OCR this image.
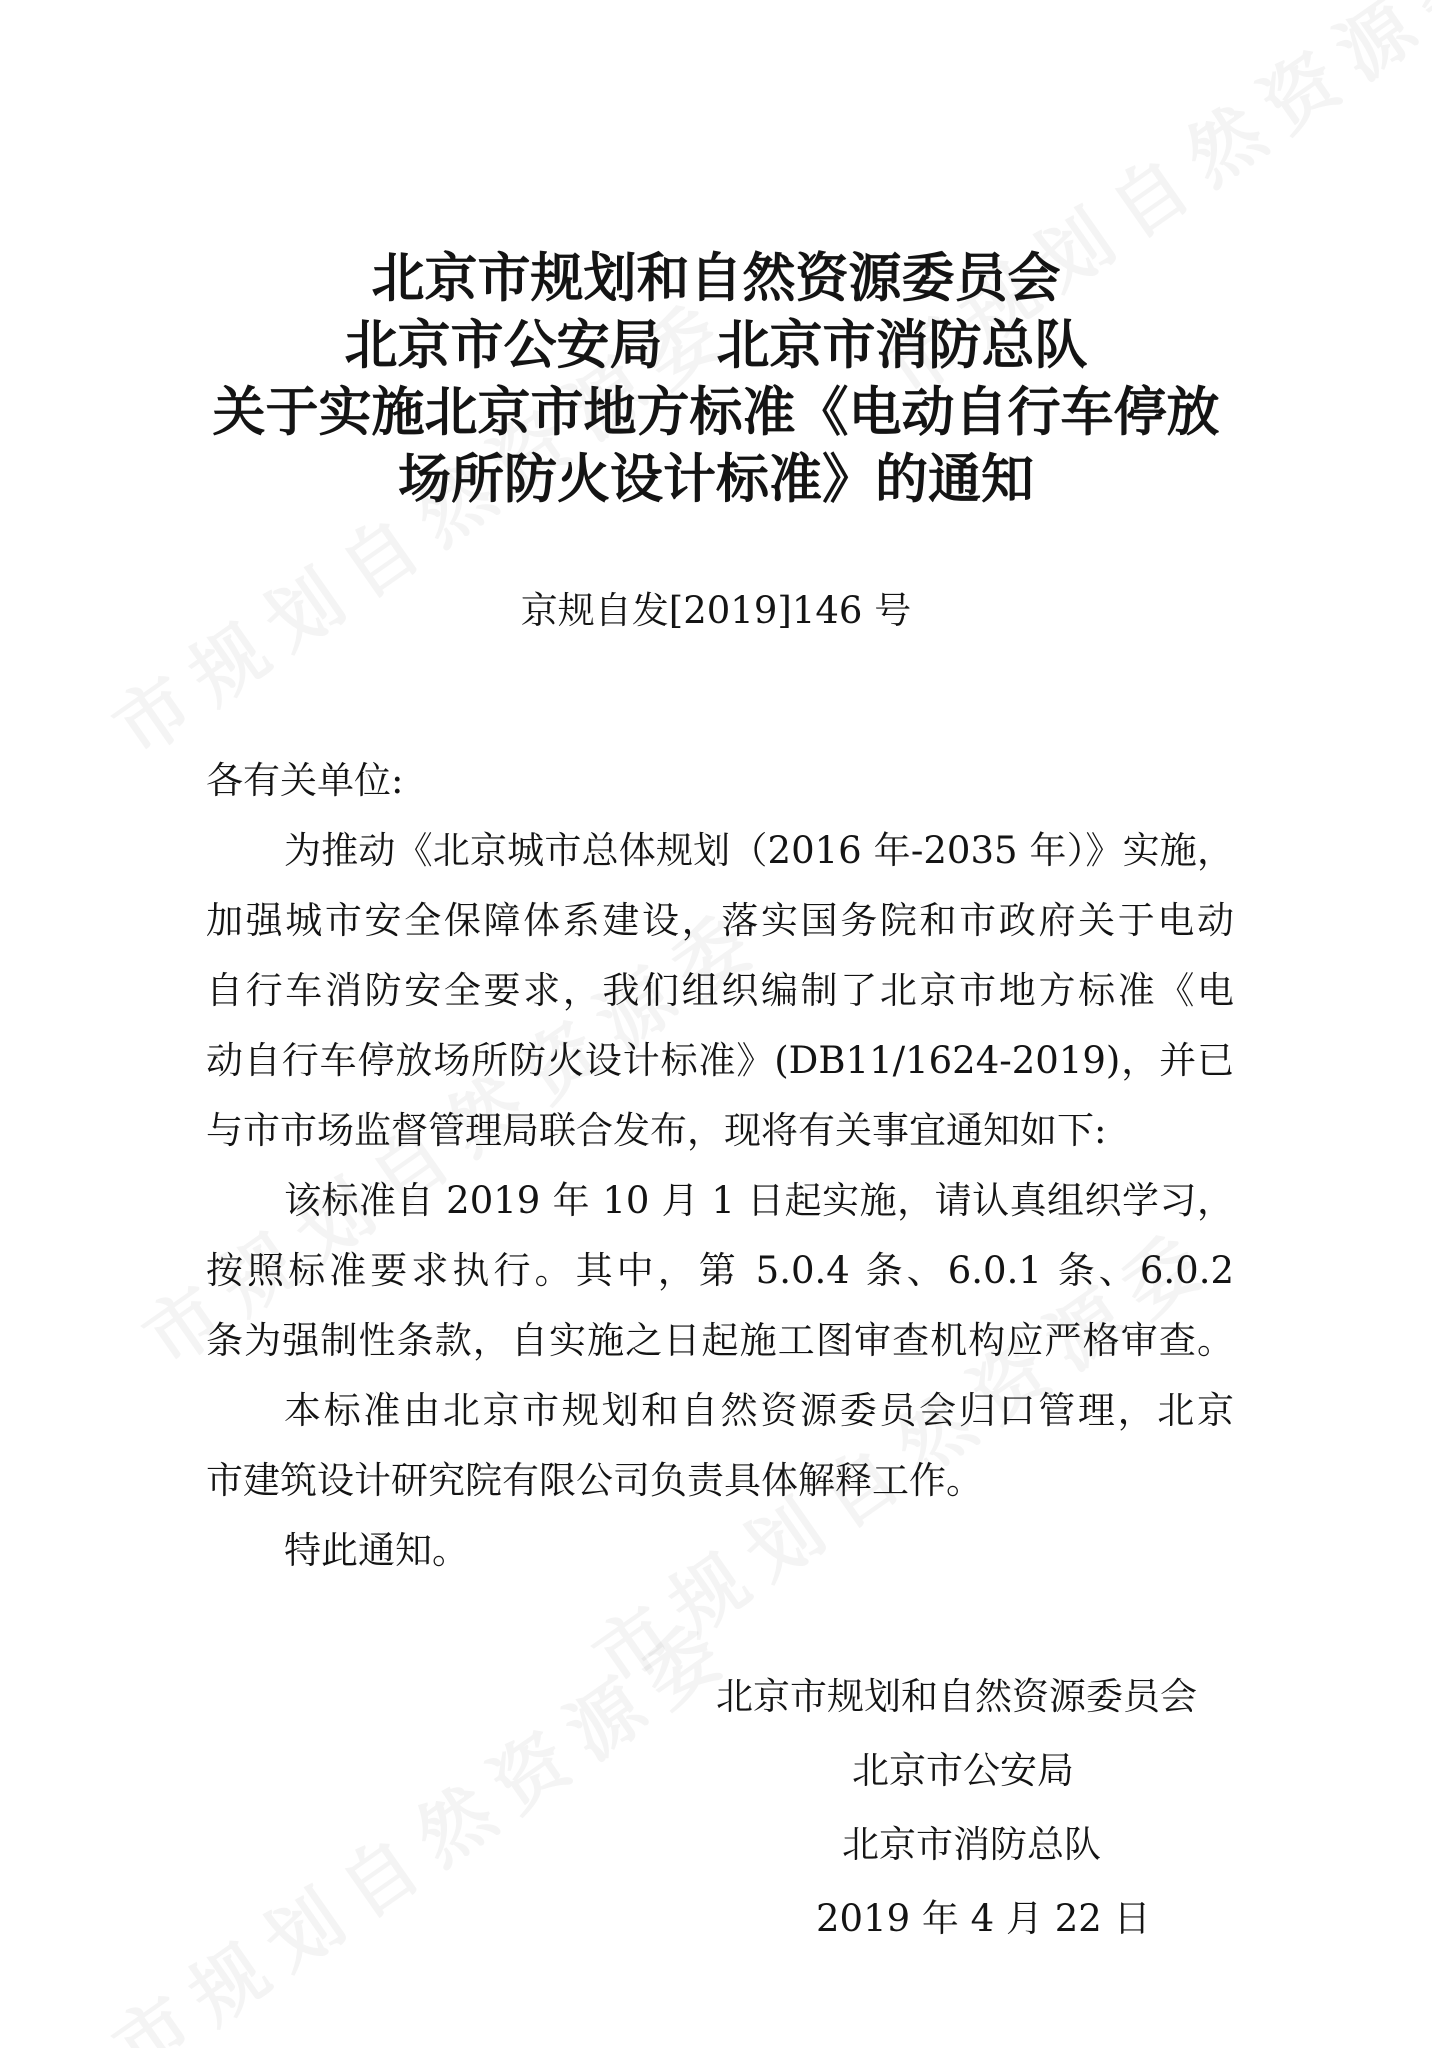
北京市规划和自然资源委员会
北京市公安局 北京市消防总队
关于实施北京市地方标准《电动自行车停放
场所防火设计标准》的通知
京规自发[2019]146 号
各有关单位:
为推动《北京城市总体规划（2016 年-2035 年）》实施，
加强城市安全保障体系建设，落实国务院和市政府关于电动
自行车消防安全要求，我们组织编制了北京市地方标准《电
动自行车停放场所防火设计标准》(DB11/1624-2019)，并已
与市市场监督管理局联合发布，现将有关事宜通知如下:
该标准自 2019 年 10 月 1 日起实施，请认真组织学习，
按照标准要求执行。其中，第 5.0.4 条、6.0.1 条、6.0.2
条为强制性条款，自实施之日起施工图审查机构应严格审查。
本标准由北京市规划和自然资源委员会归口管理，北京
市建筑设计研究院有限公司负责具体解释工作。
特此通知。
北京市规划和自然资源委员会
北京市公安局
北京市消防总队
2019 年 4 月 22 日
